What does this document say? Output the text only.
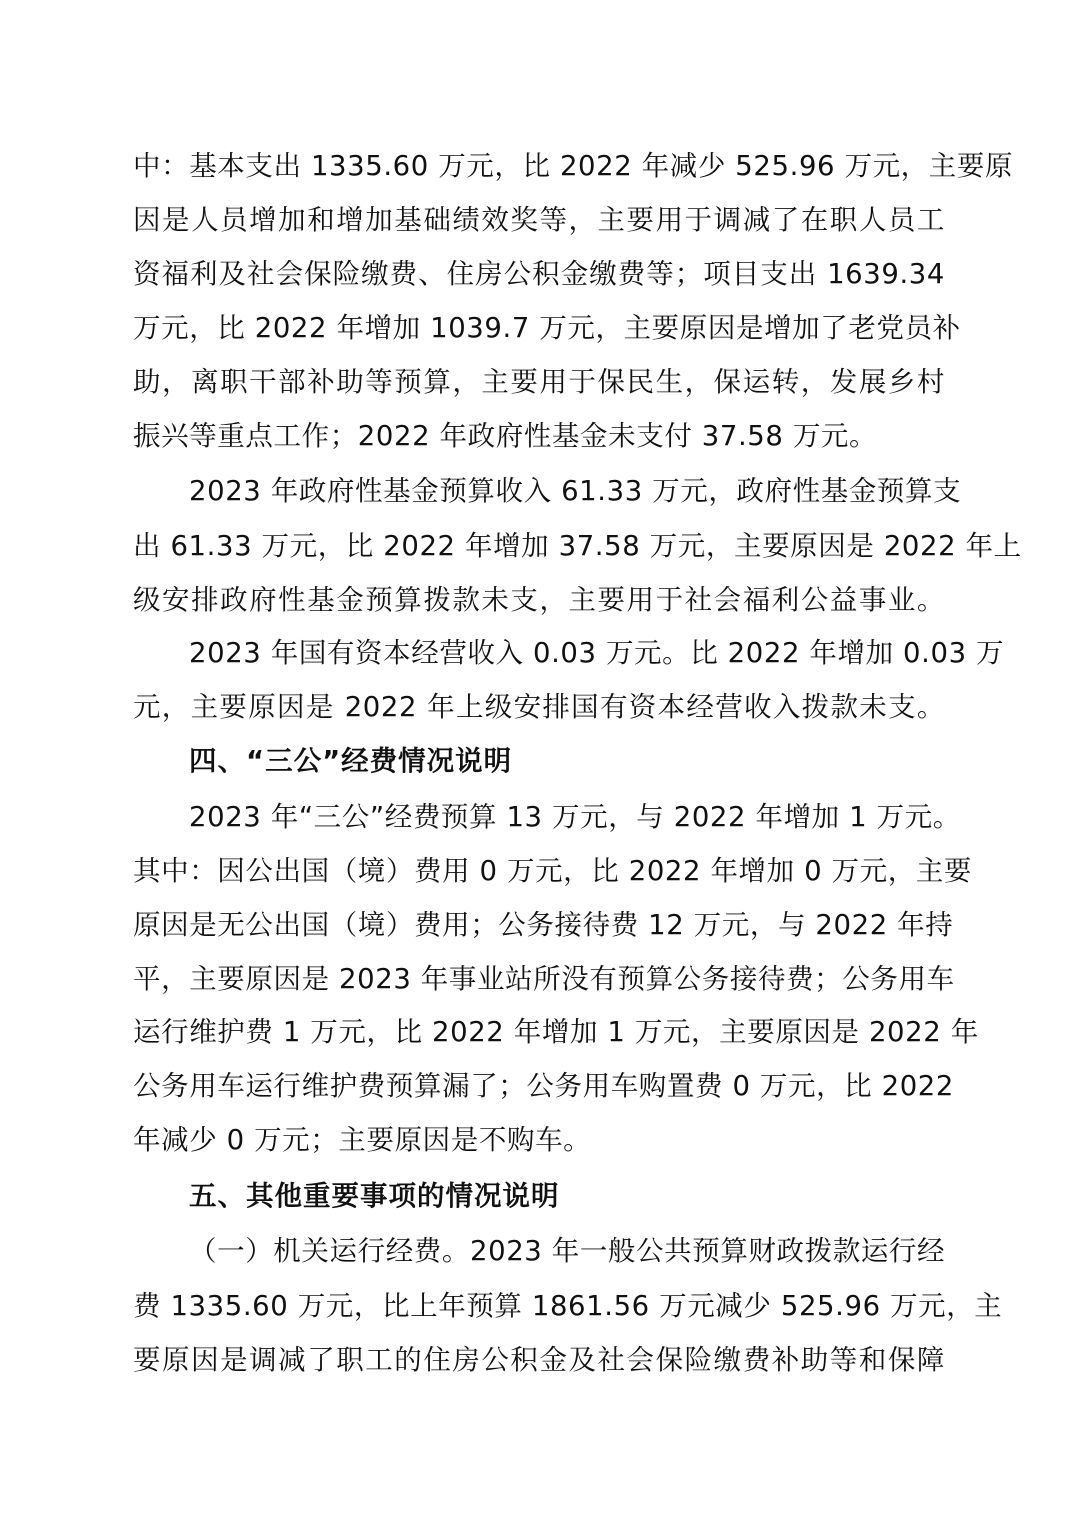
中：基本支出 1335.60 万元，比 2022 年减少 525.96 万元，主要原
因是人员增加和增加基础绩效奖等，主要用于调减了在职人员工
资福利及社会保险缴费、住房公积金缴费等；项目支出 1639.34
万元，比 2022 年增加 1039.7 万元，主要原因是增加了老党员补
助，离职干部补助等预算，主要用于保民生，保运转，发展乡村
振兴等重点工作；2022 年政府性基金未支付 37.58 万元。
2023 年政府性基金预算收入 61.33 万元，政府性基金预算支
出 61.33 万元，比 2022 年增加 37.58 万元，主要原因是 2022 年上
级安排政府性基金预算拨款未支，主要用于社会福利公益事业。
2023 年国有资本经营收入 0.03 万元。比 2022 年增加 0.03 万
元，主要原因是 2022 年上级安排国有资本经营收入拨款未支。
四、“三公”经费情况说明
2023 年“三公”经费预算 13 万元，与 2022 年增加 1 万元。
其中：因公出国（境）费用 0 万元，比 2022 年增加 0 万元，主要
原因是无公出国（境）费用；公务接待费 12 万元，与 2022 年持
平，主要原因是 2023 年事业站所没有预算公务接待费；公务用车
运行维护费 1 万元，比 2022 年增加 1 万元，主要原因是 2022 年
公务用车运行维护费预算漏了；公务用车购置费 0 万元，比 2022
年减少 0 万元；主要原因是不购车。
五、其他重要事项的情况说明
（一）机关运行经费。2023 年一般公共预算财政拨款运行经
费 1335.60 万元，比上年预算 1861.56 万元减少 525.96 万元，主
要原因是调减了职工的住房公积金及社会保险缴费补助等和保障
